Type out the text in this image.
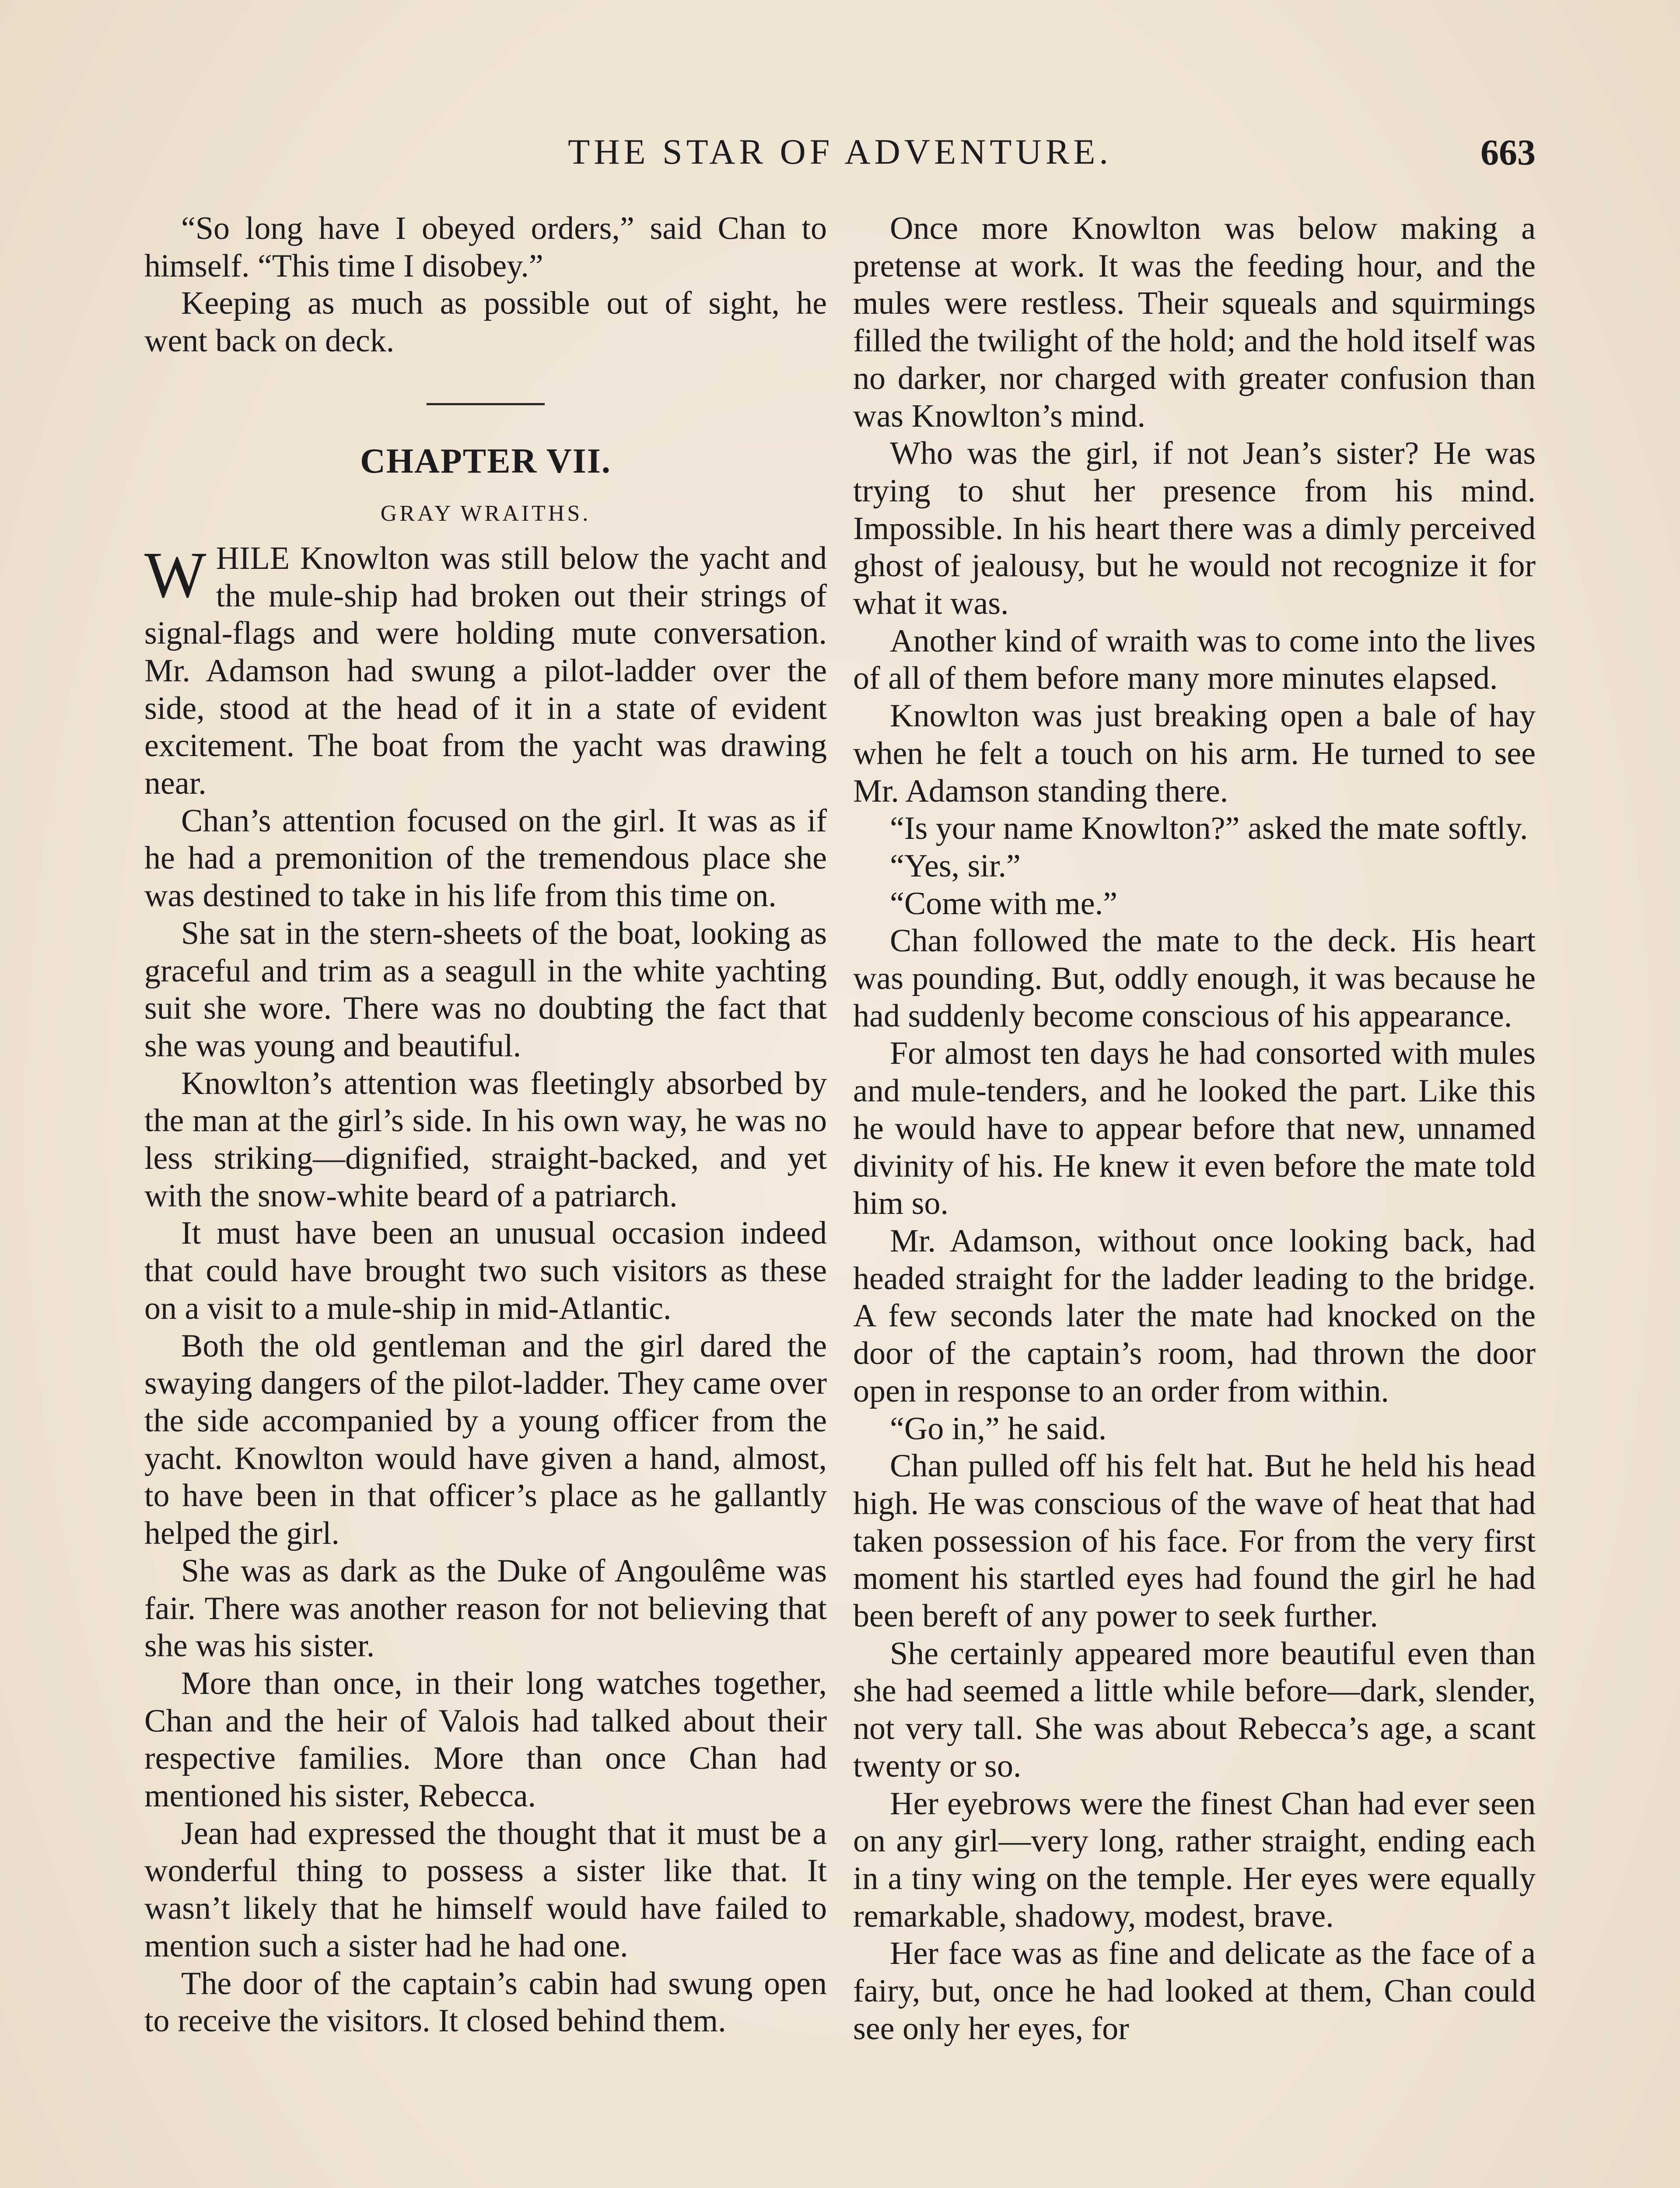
THE STAR OF ADVENTURE.	663

“So long have I obeyed orders,” said Chan to himself. “This time I disobey.”

Keeping as much as possible out of sight, he went back on deck.

CHAPTER VII.
GRAY WRAITHS.
W HILE Knowlton was still below the yacht and the mule-ship had broken out their strings of signal-flags and were holding mute conversation. Mr. Adamson had swung a pilot-ladder over the side, stood at the head of it in a state of evident excitement. The boat from the yacht was drawing near.

Chan’s attention focused on the girl. It was as if he had a premonition of the tremendous place she was destined to take in his life from this time on.

She sat in the stern-sheets of the boat, looking as graceful and trim as a seagull in the white yachting suit she wore. There was no doubting the fact that she was young and beautiful.

Knowlton’s attention was fleetingly absorbed by the man at the girl’s side. In his own way, he was no less striking—dignified, straight-backed, and yet with the snow-white beard of a patriarch.

It must have been an unusual occasion indeed that could have brought two such visitors as these on a visit to a mule-ship in mid-Atlantic.

Both the old gentleman and the girl dared the swaying dangers of the pilot-ladder. They came over the side accompanied by a young officer from the yacht. Knowlton would have given a hand, almost, to have been in that officer’s place as he gallantly helped the girl.

She was as dark as the Duke of Angoulême was fair. There was another reason for not believing that she was his sister.

More than once, in their long watches together, Chan and the heir of Valois had talked about their respective families. More than once Chan had mentioned his sister, Rebecca.

Jean had expressed the thought that it must be a wonderful thing to possess a sister like that. It wasn’t likely that he himself would have failed to mention such a sister had he had one.

The door of the captain’s cabin had swung open to receive the visitors. It closed behind them.

Once more Knowlton was below making a pretense at work. It was the feeding hour, and the mules were restless. Their squeals and squirmings filled the twilight of the hold; and the hold itself was no darker, nor charged with greater confusion than was Knowlton’s mind.

Who was the girl, if not Jean’s sister? He was trying to shut her presence from his mind. Impossible. In his heart there was a dimly perceived ghost of jealousy, but he would not recognize it for what it was.

Another kind of wraith was to come into the lives of all of them before many more minutes elapsed.

Knowlton was just breaking open a bale of hay when he felt a touch on his arm. He turned to see Mr. Adamson standing there.

“Is your name Knowlton?” asked the mate softly.

“Yes, sir.”

“Come with me.”

Chan followed the mate to the deck. His heart was pounding. But, oddly enough, it was because he had suddenly become conscious of his appearance.

For almost ten days he had consorted with mules and mule-tenders, and he looked the part. Like this he would have to appear before that new, unnamed divinity of his. He knew it even before the mate told him so.

Mr. Adamson, without once looking back, had headed straight for the ladder leading to the bridge. A few seconds later the mate had knocked on the door of the captain’s room, had thrown the door open in response to an order from within.

“Go in,” he said.

Chan pulled off his felt hat. But he held his head high. He was conscious of the wave of heat that had taken possession of his face. For from the very first moment his startled eyes had found the girl he had been bereft of any power to seek further.

She certainly appeared more beautiful even than she had seemed a little while before—dark, slender, not very tall. She was about Rebecca’s age, a scant twenty or so.

Her eyebrows were the finest Chan had ever seen on any girl—very long, rather straight, ending each in a tiny wing on the temple. Her eyes were equally remarkable, shadowy, modest, brave.

Her face was as fine and delicate as the face of a fairy, but, once he had looked at them, Chan could see only her eyes, for
